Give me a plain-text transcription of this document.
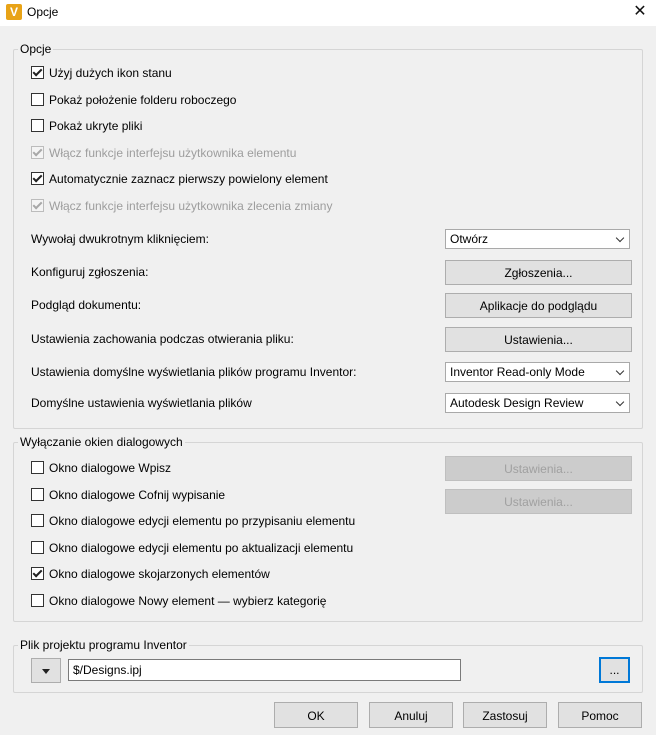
V Opcje	✕
Opcje
Użyj dużych ikon stanu
Pokaż położenie folderu roboczego
Pokaż ukryte pliki
Włącz funkcje interfejsu użytkownika elementu
Automatycznie zaznacz pierwszy powielony element
Włącz funkcje interfejsu użytkownika zlecenia zmiany
Wywołaj dwukrotnym kliknięciem:	Otwórz
Konfiguruj zgłoszenia:	Zgłoszenia...
Podgląd dokumentu:	Aplikacje do podglądu
Ustawienia zachowania podczas otwierania pliku:	Ustawienia...
Ustawienia domyślne wyświetlania plików programu Inventor:	Inventor Read-only Mode
Domyślne ustawienia wyświetlania plików	Autodesk Design Review
Wyłączanie okien dialogowych
Okno dialogowe Wpisz	Ustawienia...
Okno dialogowe Cofnij wypisanie	Ustawienia...
Okno dialogowe edycji elementu po przypisaniu elementu
Okno dialogowe edycji elementu po aktualizacji elementu
Okno dialogowe skojarzonych elementów
Okno dialogowe Nowy element — wybierz kategorię
Plik projektu programu Inventor
$/Designs.ipj	...
OK	Anuluj	Zastosuj	Pomoc
